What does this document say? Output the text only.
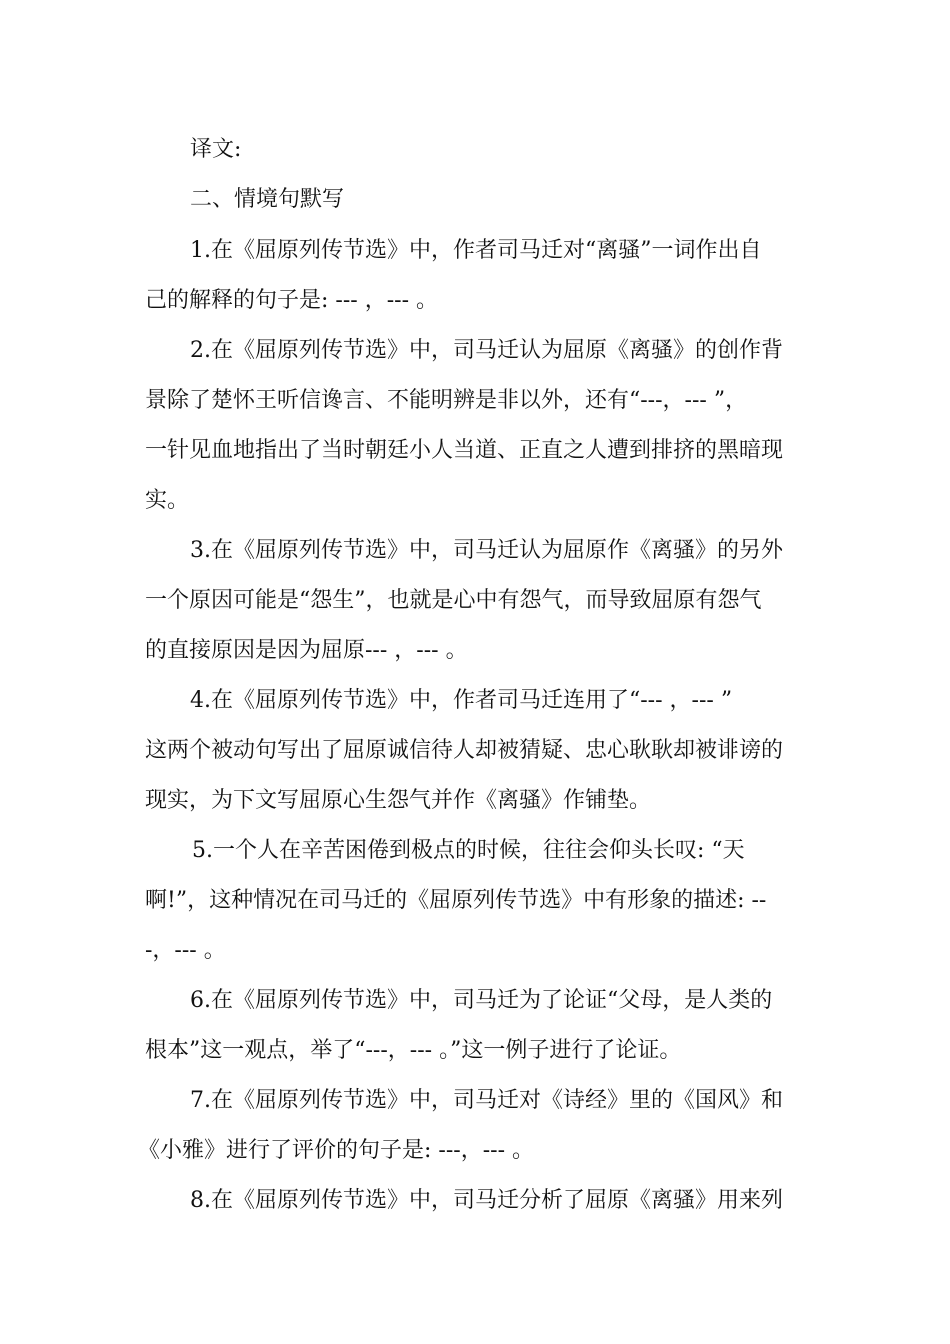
译文:

二、情境句默写

1.在《屈原列传节选》中，作者司马迁对“离骚”一词作出自

己的解释的句子是: --- ，--- 。

2.在《屈原列传节选》中，司马迁认为屈原《离骚》的创作背

景除了楚怀王听信谗言、不能明辨是非以外，还有“---，--- ”，

一针见血地指出了当时朝廷小人当道、正直之人遭到排挤的黑暗现

实。

3.在《屈原列传节选》中，司马迁认为屈原作《离骚》的另外

一个原因可能是“怨生”，也就是心中有怨气，而导致屈原有怨气

的直接原因是因为屈原--- ，--- 。

4.在《屈原列传节选》中，作者司马迁连用了“--- ，--- ”

这两个被动句写出了屈原诚信待人却被猜疑、忠心耿耿却被诽谤的

现实，为下文写屈原心生怨气并作《离骚》作铺垫。

5.一个人在辛苦困倦到极点的时候，往往会仰头长叹: “天

啊!”，这种情况在司马迁的《屈原列传节选》中有形象的描述: --

-，--- 。

6.在《屈原列传节选》中，司马迁为了论证“父母，是人类的

根本”这一观点，举了“---，--- 。”这一例子进行了论证。

7.在《屈原列传节选》中，司马迁对《诗经》里的《国风》和

《小雅》进行了评价的句子是: ---，--- 。

8.在《屈原列传节选》中，司马迁分析了屈原《离骚》用来列
